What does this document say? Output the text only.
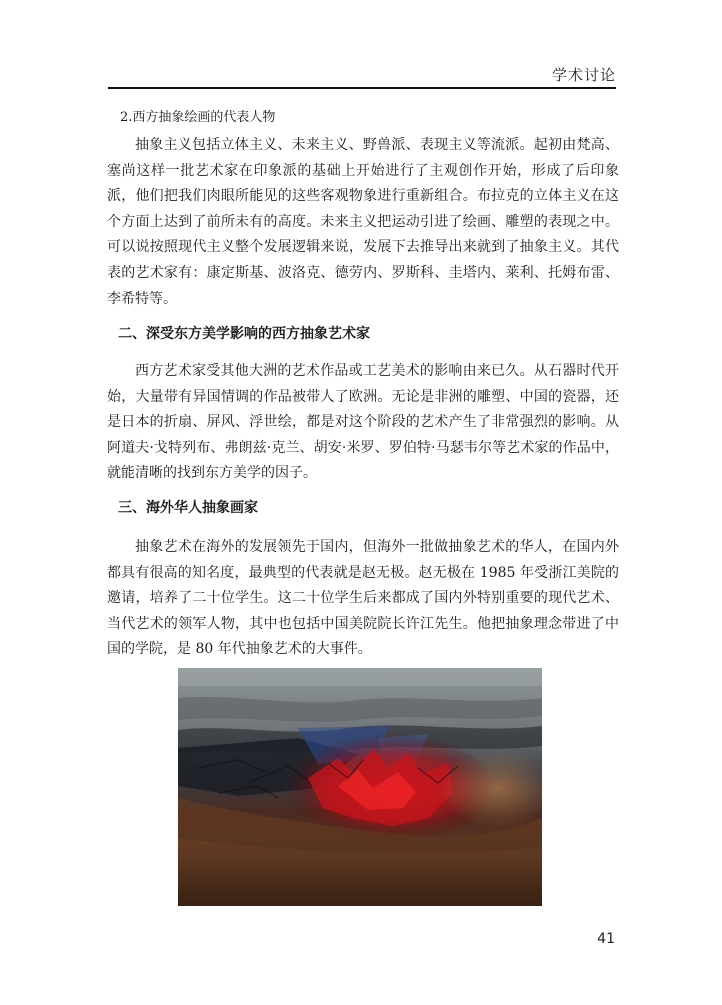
学术讨论

2.西方抽象绘画的代表人物

抽象主义包括立体主义、未来主义、野兽派、表现主义等流派。起初由梵高、塞尚这样一批艺术家在印象派的基础上开始进行了主观创作开始，形成了后印象派，他们把我们肉眼所能见的这些客观物象进行重新组合。布拉克的立体主义在这个方面上达到了前所未有的高度。未来主义把运动引进了绘画、雕塑的表现之中。可以说按照现代主义整个发展逻辑来说，发展下去推导出来就到了抽象主义。其代表的艺术家有：康定斯基、波洛克、德劳内、罗斯科、圭塔内、莱利、托姆布雷、李希特等。

二、深受东方美学影响的西方抽象艺术家

西方艺术家受其他大洲的艺术作品或工艺美术的影响由来已久。从石器时代开始，大量带有异国情调的作品被带人了欧洲。无论是非洲的雕塑、中国的瓷器，还是日本的折扇、屏风、浮世绘，都是对这个阶段的艺术产生了非常强烈的影响。从阿道夫·戈特列布、弗朗兹·克兰、胡安·米罗、罗伯特·马瑟韦尔等艺术家的作品中，就能清晰的找到东方美学的因子。

三、海外华人抽象画家

抽象艺术在海外的发展领先于国内，但海外一批做抽象艺术的华人，在国内外都具有很高的知名度，最典型的代表就是赵无极。赵无极在 1985 年受浙江美院的邀请，培养了二十位学生。这二十位学生后来都成了国内外特别重要的现代艺术、当代艺术的领军人物，其中也包括中国美院院长许江先生。他把抽象理念带进了中国的学院，是 80 年代抽象艺术的大事件。

41
